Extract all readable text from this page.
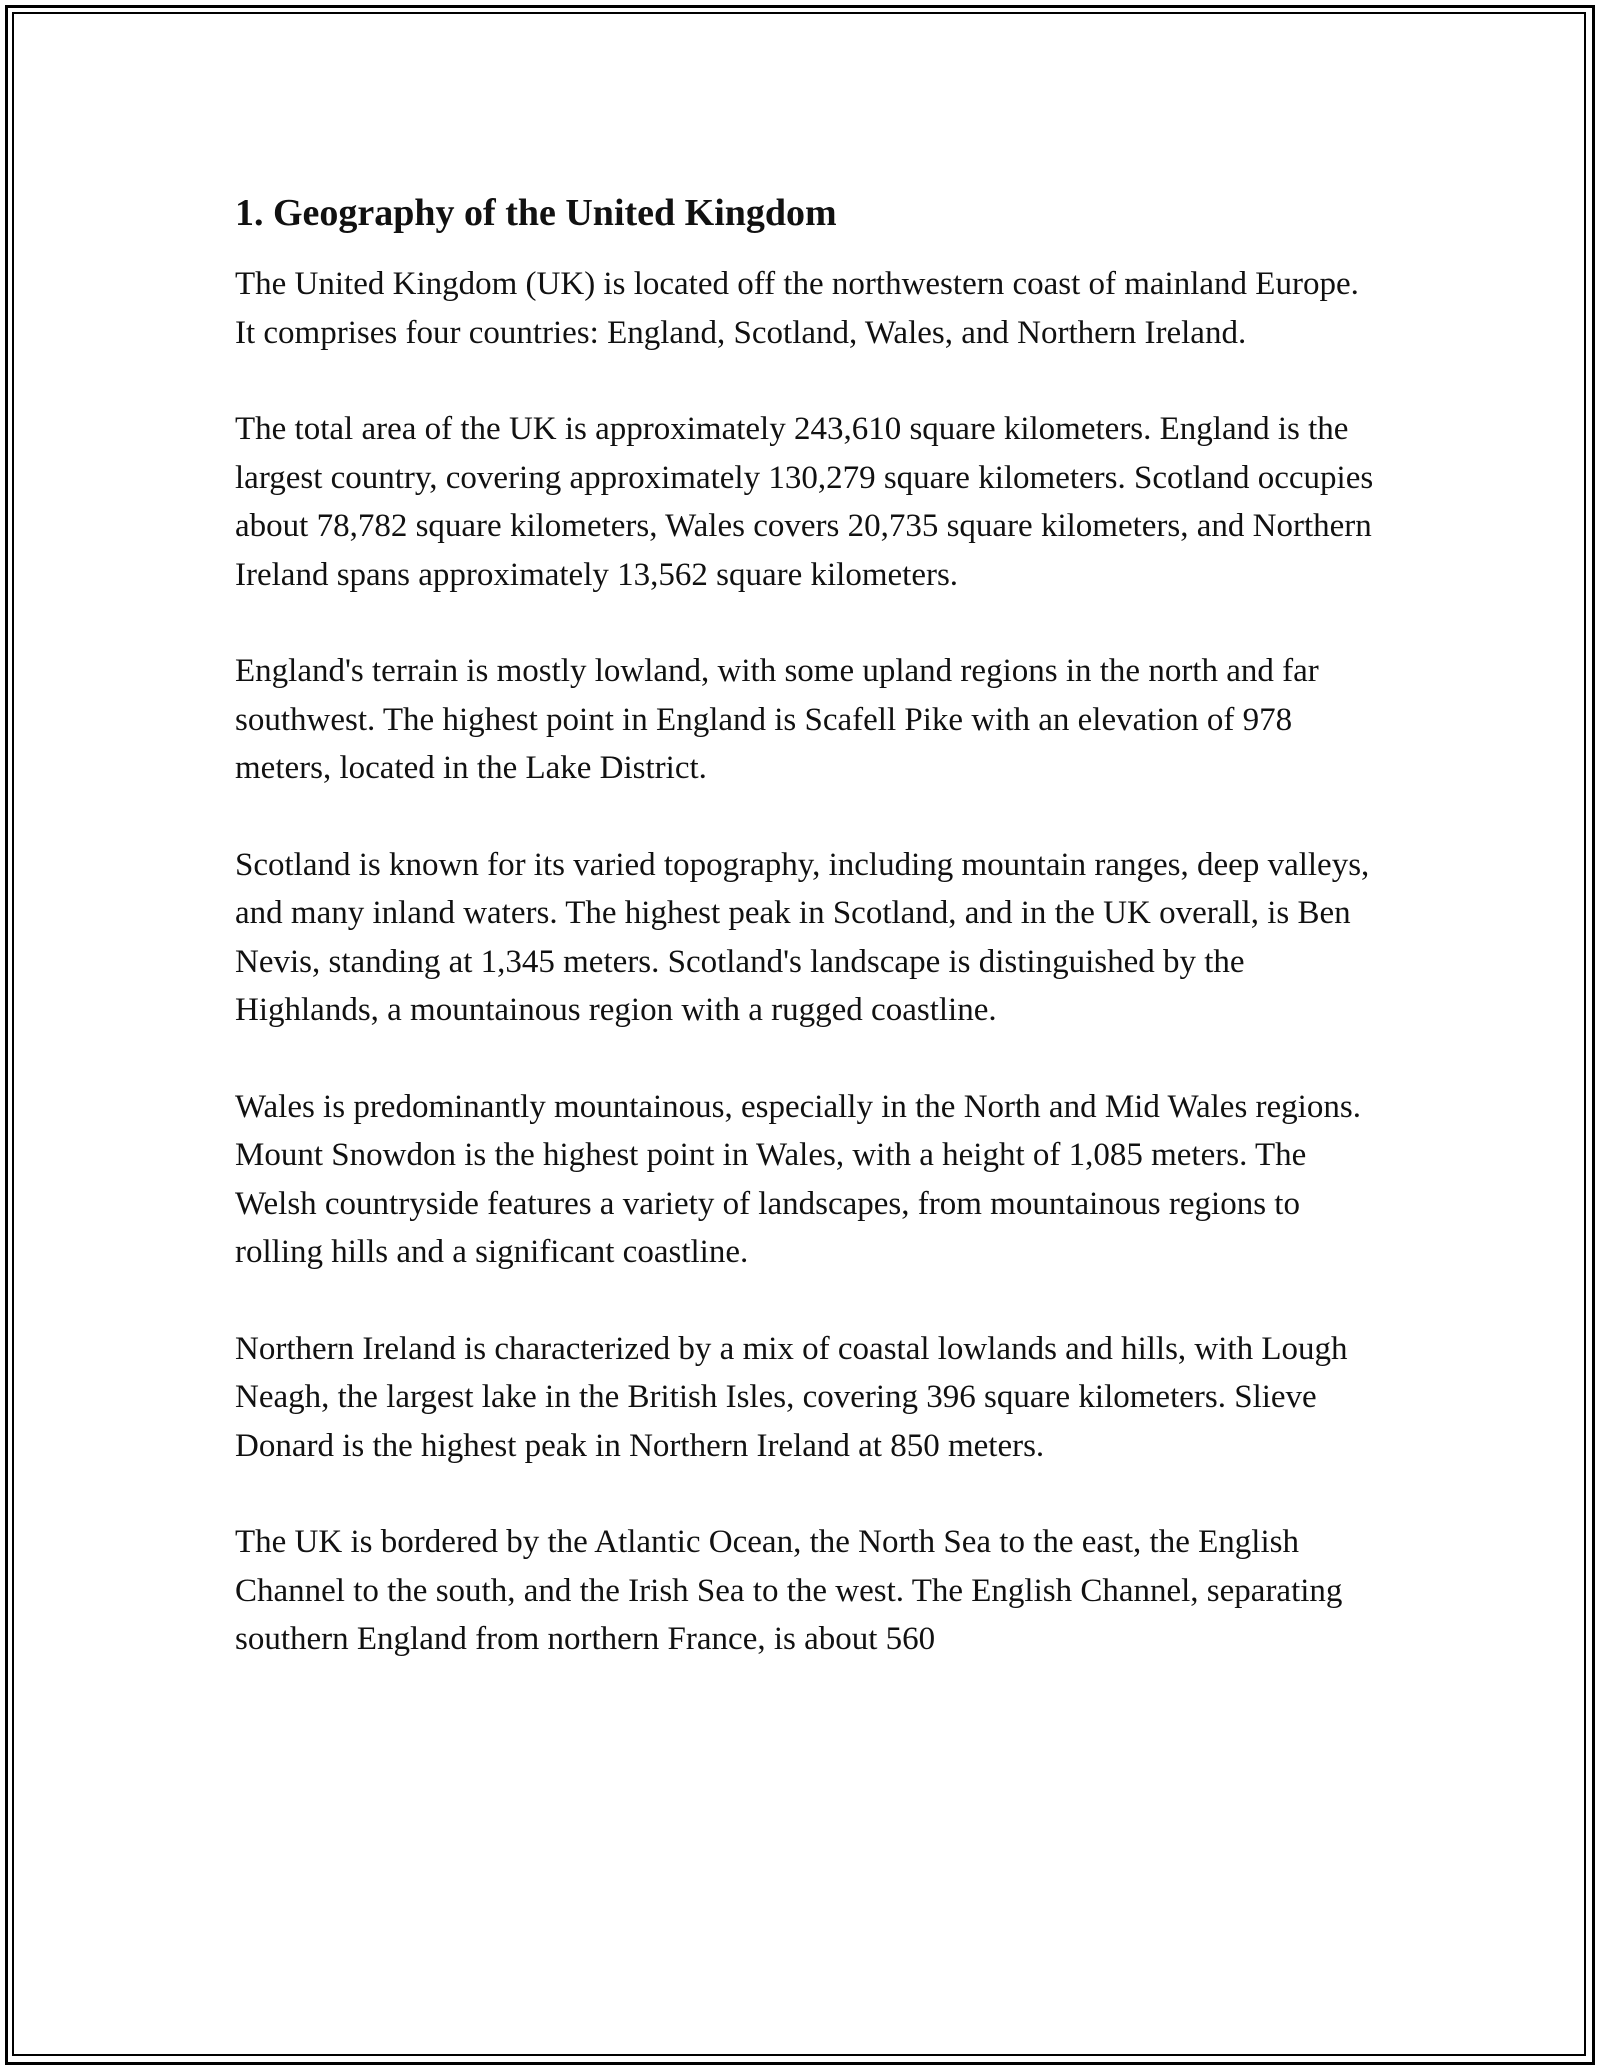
1. Geography of the United Kingdom

The United Kingdom (UK) is located off the northwestern coast of mainland Europe. It comprises four countries: England, Scotland, Wales, and Northern Ireland.

The total area of the UK is approximately 243,610 square kilometers. England is the largest country, covering approximately 130,279 square kilometers. Scotland occupies about 78,782 square kilometers, Wales covers 20,735 square kilometers, and Northern Ireland spans approximately 13,562 square kilometers.

England's terrain is mostly lowland, with some upland regions in the north and far southwest. The highest point in England is Scafell Pike with an elevation of 978 meters, located in the Lake District.

Scotland is known for its varied topography, including mountain ranges, deep valleys, and many inland waters. The highest peak in Scotland, and in the UK overall, is Ben Nevis, standing at 1,345 meters. Scotland's landscape is distinguished by the Highlands, a mountainous region with a rugged coastline.

Wales is predominantly mountainous, especially in the North and Mid Wales regions. Mount Snowdon is the highest point in Wales, with a height of 1,085 meters. The Welsh countryside features a variety of landscapes, from mountainous regions to rolling hills and a significant coastline.

Northern Ireland is characterized by a mix of coastal lowlands and hills, with Lough Neagh, the largest lake in the British Isles, covering 396 square kilometers. Slieve Donard is the highest peak in Northern Ireland at 850 meters.

The UK is bordered by the Atlantic Ocean, the North Sea to the east, the English Channel to the south, and the Irish Sea to the west. The English Channel, separating southern England from northern France, is about 560
